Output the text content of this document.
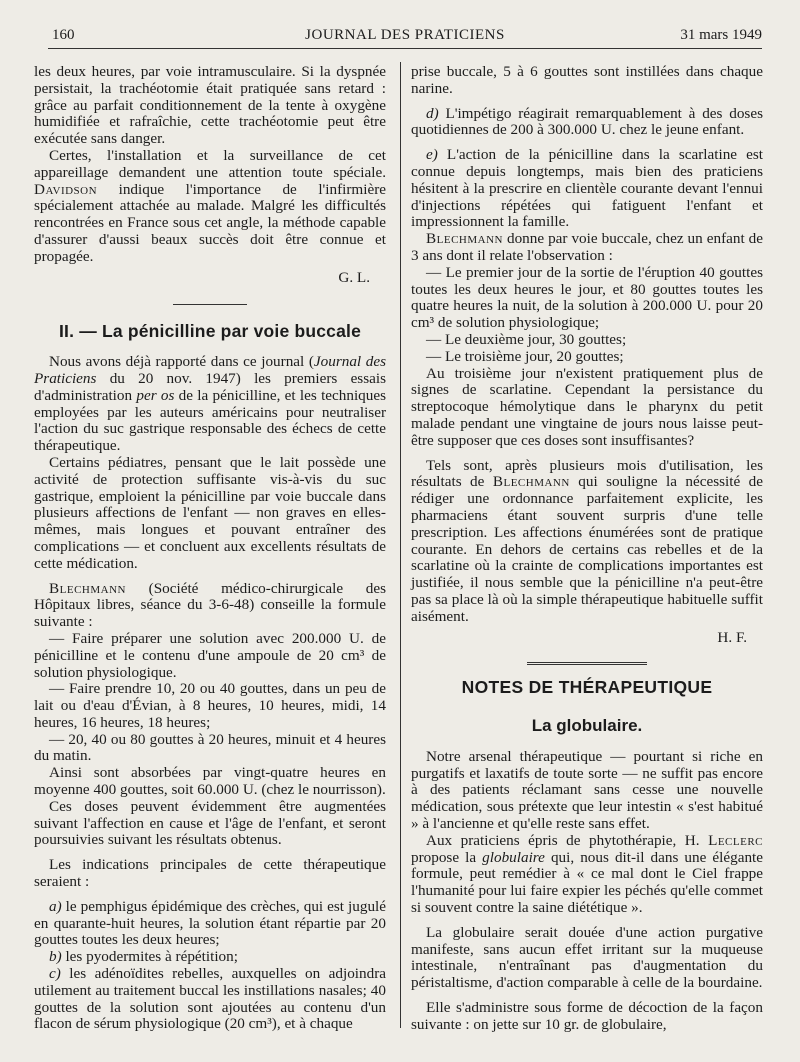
160	JOURNAL DES PRATICIENS	31 mars 1949

les deux heures, par voie intramusculaire. Si la dyspnée persistait, la trachéotomie était pratiquée sans retard : grâce au parfait conditionnement de la tente à oxygène humidifiée et rafraîchie, cette trachéotomie peut être exécutée sans danger.

Certes, l'installation et la surveillance de cet appareillage demandent une attention toute spéciale. Davidson indique l'importance de l'infirmière spécialement attachée au malade. Malgré les difficultés rencontrées en France sous cet angle, la méthode capable d'assurer d'aussi beaux succès doit être connue et propagée.

G. L.
II. — La pénicilline par voie buccale

Nous avons déjà rapporté dans ce journal (Journal des Praticiens du 20 nov. 1947) les premiers essais d'administration per os de la pénicilline, et les techniques employées par les auteurs américains pour neutraliser l'action du suc gastrique responsable des échecs de cette thérapeutique.

Certains pédiatres, pensant que le lait possède une activité de protection suffisante vis-à-vis du suc gastrique, emploient la pénicilline par voie buccale dans plusieurs affections de l'enfant — non graves en elles-mêmes, mais longues et pouvant entraîner des complications — et concluent aux excellents résultats de cette médication.

Blechmann (Société médico-chirurgicale des Hôpitaux libres, séance du 3-6-48) conseille la formule suivante :

— Faire préparer une solution avec 200.000 U. de pénicilline et le contenu d'une ampoule de 20 cm³ de solution physiologique.

— Faire prendre 10, 20 ou 40 gouttes, dans un peu de lait ou d'eau d'Évian, à 8 heures, 10 heures, midi, 14 heures, 16 heures, 18 heures;

— 20, 40 ou 80 gouttes à 20 heures, minuit et 4 heures du matin.

Ainsi sont absorbées par vingt-quatre heures en moyenne 400 gouttes, soit 60.000 U. (chez le nourrisson).

Ces doses peuvent évidemment être augmentées suivant l'affection en cause et l'âge de l'enfant, et seront poursuivies suivant les résultats obtenus.

Les indications principales de cette thérapeutique seraient :

a) le pemphigus épidémique des crèches, qui est jugulé en quarante-huit heures, la solution étant répartie par 20 gouttes toutes les deux heures;

b) les pyodermites à répétition;

c) les adénoïdites rebelles, auxquelles on adjoindra utilement au traitement buccal les instillations nasales; 40 gouttes de la solution sont ajoutées au contenu d'un flacon de sérum physiologique (20 cm³), et à chaque

prise buccale, 5 à 6 gouttes sont instillées dans chaque narine.

d) L'impétigo réagirait remarquablement à des doses quotidiennes de 200 à 300.000 U. chez le jeune enfant.

e) L'action de la pénicilline dans la scarlatine est connue depuis longtemps, mais bien des praticiens hésitent à la prescrire en clientèle courante devant l'ennui d'injections répétées qui fatiguent l'enfant et impressionnent la famille.

Blechmann donne par voie buccale, chez un enfant de 3 ans dont il relate l'observation :

— Le premier jour de la sortie de l'éruption 40 gouttes toutes les deux heures le jour, et 80 gouttes toutes les quatre heures la nuit, de la solution à 200.000 U. pour 20 cm³ de solution physiologique;

— Le deuxième jour, 30 gouttes;

— Le troisième jour, 20 gouttes;

Au troisième jour n'existent pratiquement plus de signes de scarlatine. Cependant la persistance du streptocoque hémolytique dans le pharynx du petit malade pendant une vingtaine de jours nous laisse peut-être supposer que ces doses sont insuffisantes?

Tels sont, après plusieurs mois d'utilisation, les résultats de Blechmann qui souligne la nécessité de rédiger une ordonnance parfaitement explicite, les pharmaciens étant souvent surpris d'une telle prescription. Les affections énumérées sont de pratique courante. En dehors de certains cas rebelles et de la scarlatine où la crainte de complications importantes est justifiée, il nous semble que la pénicilline n'a peut-être pas sa place là où la simple thérapeutique habituelle suffit aisément.

H. F.
NOTES DE THÉRAPEUTIQUE
La globulaire.

Notre arsenal thérapeutique — pourtant si riche en purgatifs et laxatifs de toute sorte — ne suffit pas encore à des patients réclamant sans cesse une nouvelle médication, sous prétexte que leur intestin « s'est habitué » à l'ancienne et qu'elle reste sans effet.

Aux praticiens épris de phytothérapie, H. Leclerc propose la globulaire qui, nous dit-il dans une élégante formule, peut remédier à « ce mal dont le Ciel frappe l'humanité pour lui faire expier les péchés qu'elle commet si souvent contre la saine diététique ».

La globulaire serait douée d'une action purgative manifeste, sans aucun effet irritant sur la muqueuse intestinale, n'entraînant pas d'augmentation du péristaltisme, d'action comparable à celle de la bourdaine.

Elle s'administre sous forme de décoction de la façon suivante : on jette sur 10 gr. de globulaire,
